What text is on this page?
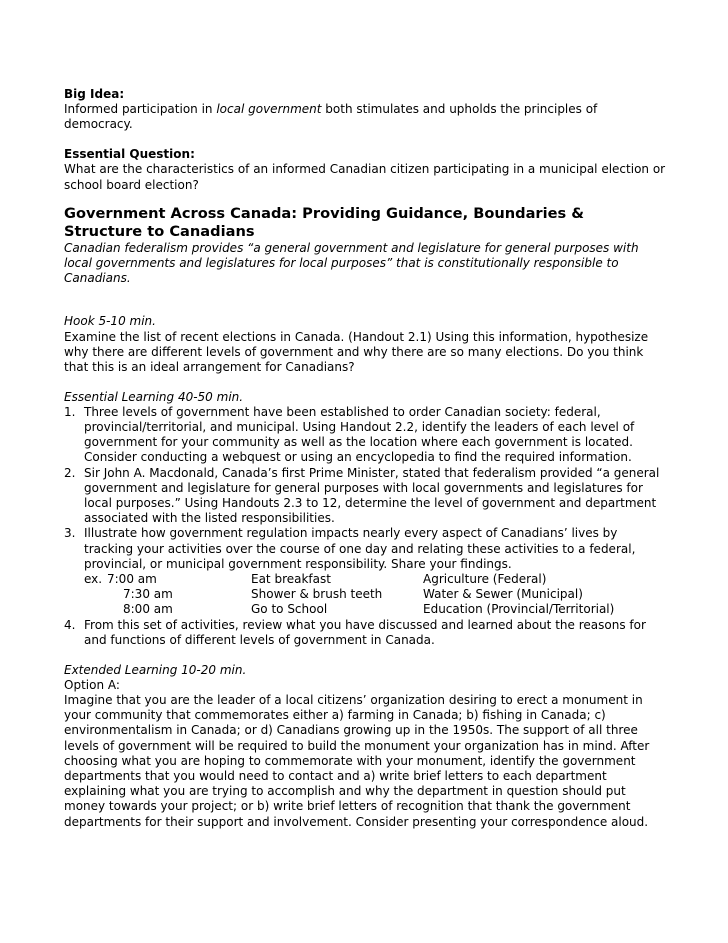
Big Idea:

Informed participation in local government both stimulates and upholds the principles of democracy.

Essential Question:

What are the characteristics of an informed Canadian citizen participating in a municipal election or school board election?

Government Across Canada: Providing Guidance, Boundaries & Structure to Canadians

Canadian federalism provides “a general government and legislature for general purposes with local governments and legislatures for local purposes” that is constitutionally responsible to Canadians.

Hook 5-10 min.

Examine the list of recent elections in Canada. (Handout 2.1) Using this information, hypothesize why there are different levels of government and why there are so many elections. Do you think that this is an ideal arrangement for Canadians?

Essential Learning 40-50 min.

1. Three levels of government have been established to order Canadian society: federal, provincial/territorial, and municipal. Using Handout 2.2, identify the leaders of each level of government for your community as well as the location where each government is located. Consider conducting a webquest or using an encyclopedia to find the required information.
2. Sir John A. Macdonald, Canada’s first Prime Minister, stated that federalism provided “a general government and legislature for general purposes with local governments and legislatures for local purposes.” Using Handouts 2.3 to 12, determine the level of government and department associated with the listed responsibilities.
3. Illustrate how government regulation impacts nearly every aspect of Canadians’ lives by tracking your activities over the course of one day and relating these activities to a federal, provincial, or municipal government responsibility. Share your findings.
ex. 7:00 am	Eat breakfast	Agriculture (Federal)
7:30 am	Shower & brush teeth	Water & Sewer (Municipal)
8:00 am	Go to School	Education (Provincial/Territorial)
4. From this set of activities, review what you have discussed and learned about the reasons for and functions of different levels of government in Canada.

Extended Learning 10-20 min.

Option A:

Imagine that you are the leader of a local citizens’ organization desiring to erect a monument in your community that commemorates either a) farming in Canada; b) fishing in Canada; c) environmentalism in Canada; or d) Canadians growing up in the 1950s. The support of all three levels of government will be required to build the monument your organization has in mind. After choosing what you are hoping to commemorate with your monument, identify the government departments that you would need to contact and a) write brief letters to each department explaining what you are trying to accomplish and why the department in question should put money towards your project; or b) write brief letters of recognition that thank the government departments for their support and involvement. Consider presenting your correspondence aloud.
